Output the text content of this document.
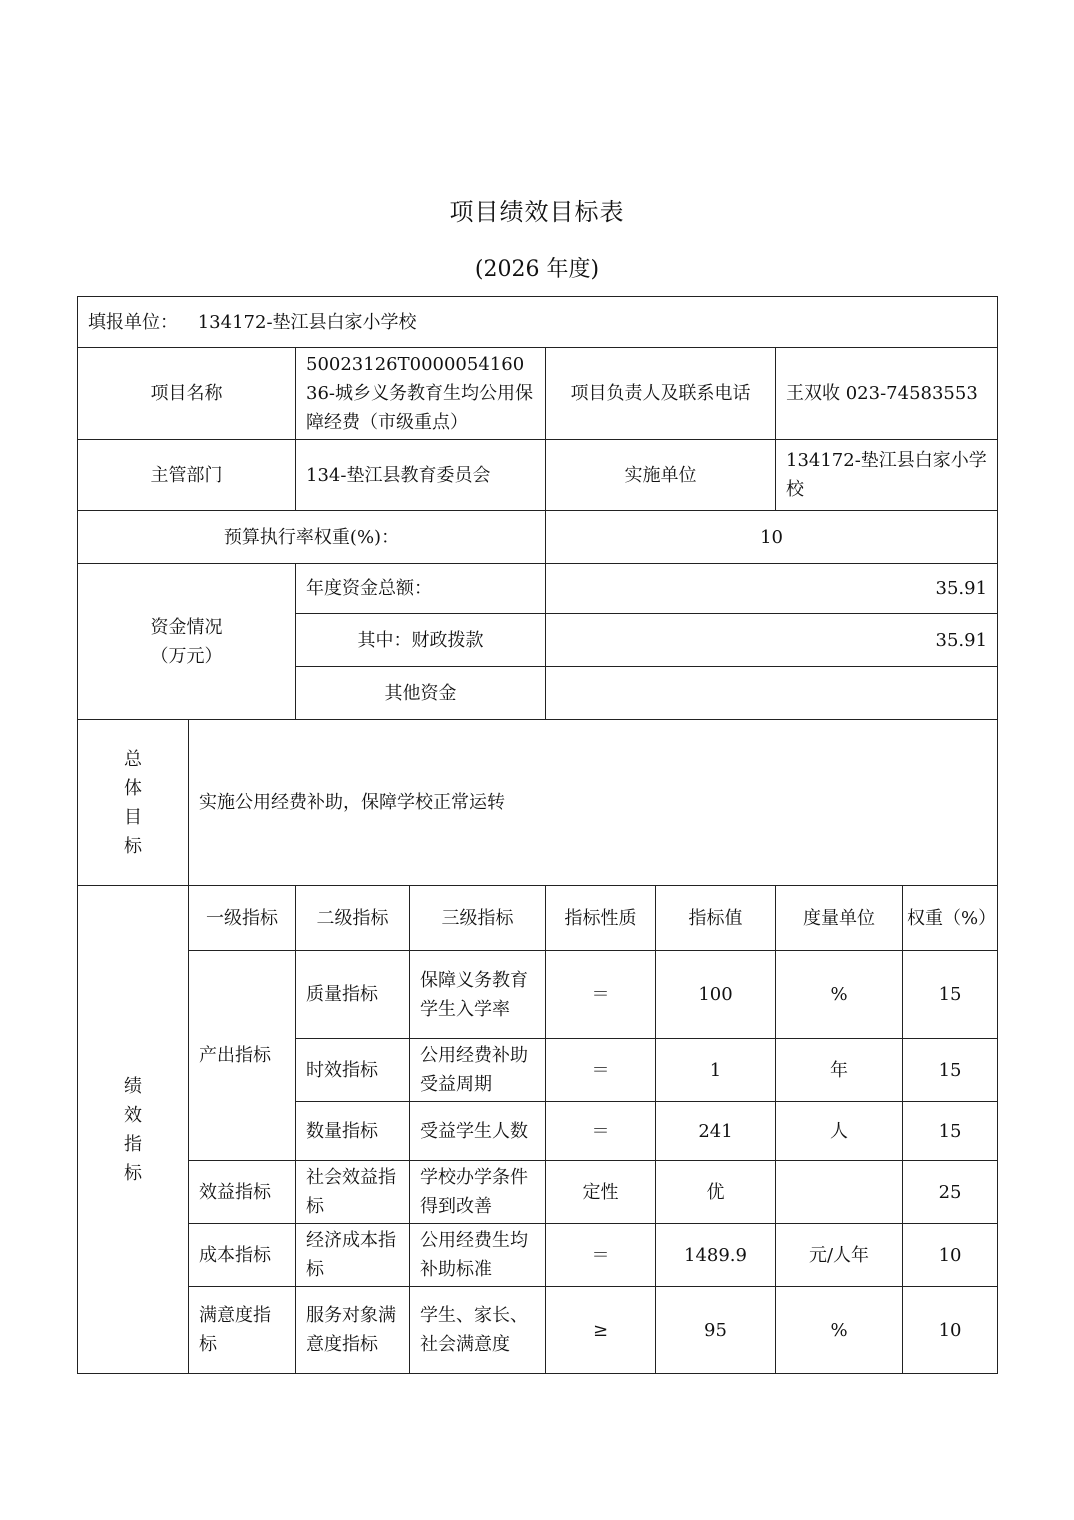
项目绩效目标表
(2026 年度)
填报单位： 134172-垫江县白家小学校							
项目名称		50023126T000005416036-城乡义务教育生均公用保障经费（市级重点）		项目负责人及联系电话		王双收 023-74583553	
主管部门		134-垫江县教育委员会		实施单位		134172-垫江县白家小学校	
预算执行率权重(%)：				10			

资金情况
（万元）		年度资金总额：		35.91			
		其中：财政拨款		35.91			
		其他资金					

总
体
目
标	实施公用经费补助，保障学校正常运转						

绩
效
指
标	一级指标	二级指标	三级指标	指标性质	指标值	度量单位	权重（%）
	产出指标	质量指标	保障义务教育学生入学率	＝	100	%	15
		时效指标	公用经费补助受益周期	＝	1	年	15
		数量指标	受益学生人数	＝	241	人	15
	效益指标	社会效益指标	学校办学条件得到改善	定性	优		25
	成本指标	经济成本指标	公用经费生均补助标准	＝	1489.9	元/人年	10
	满意度指标	服务对象满意度指标	学生、家长、社会满意度	≥	95	%	10
